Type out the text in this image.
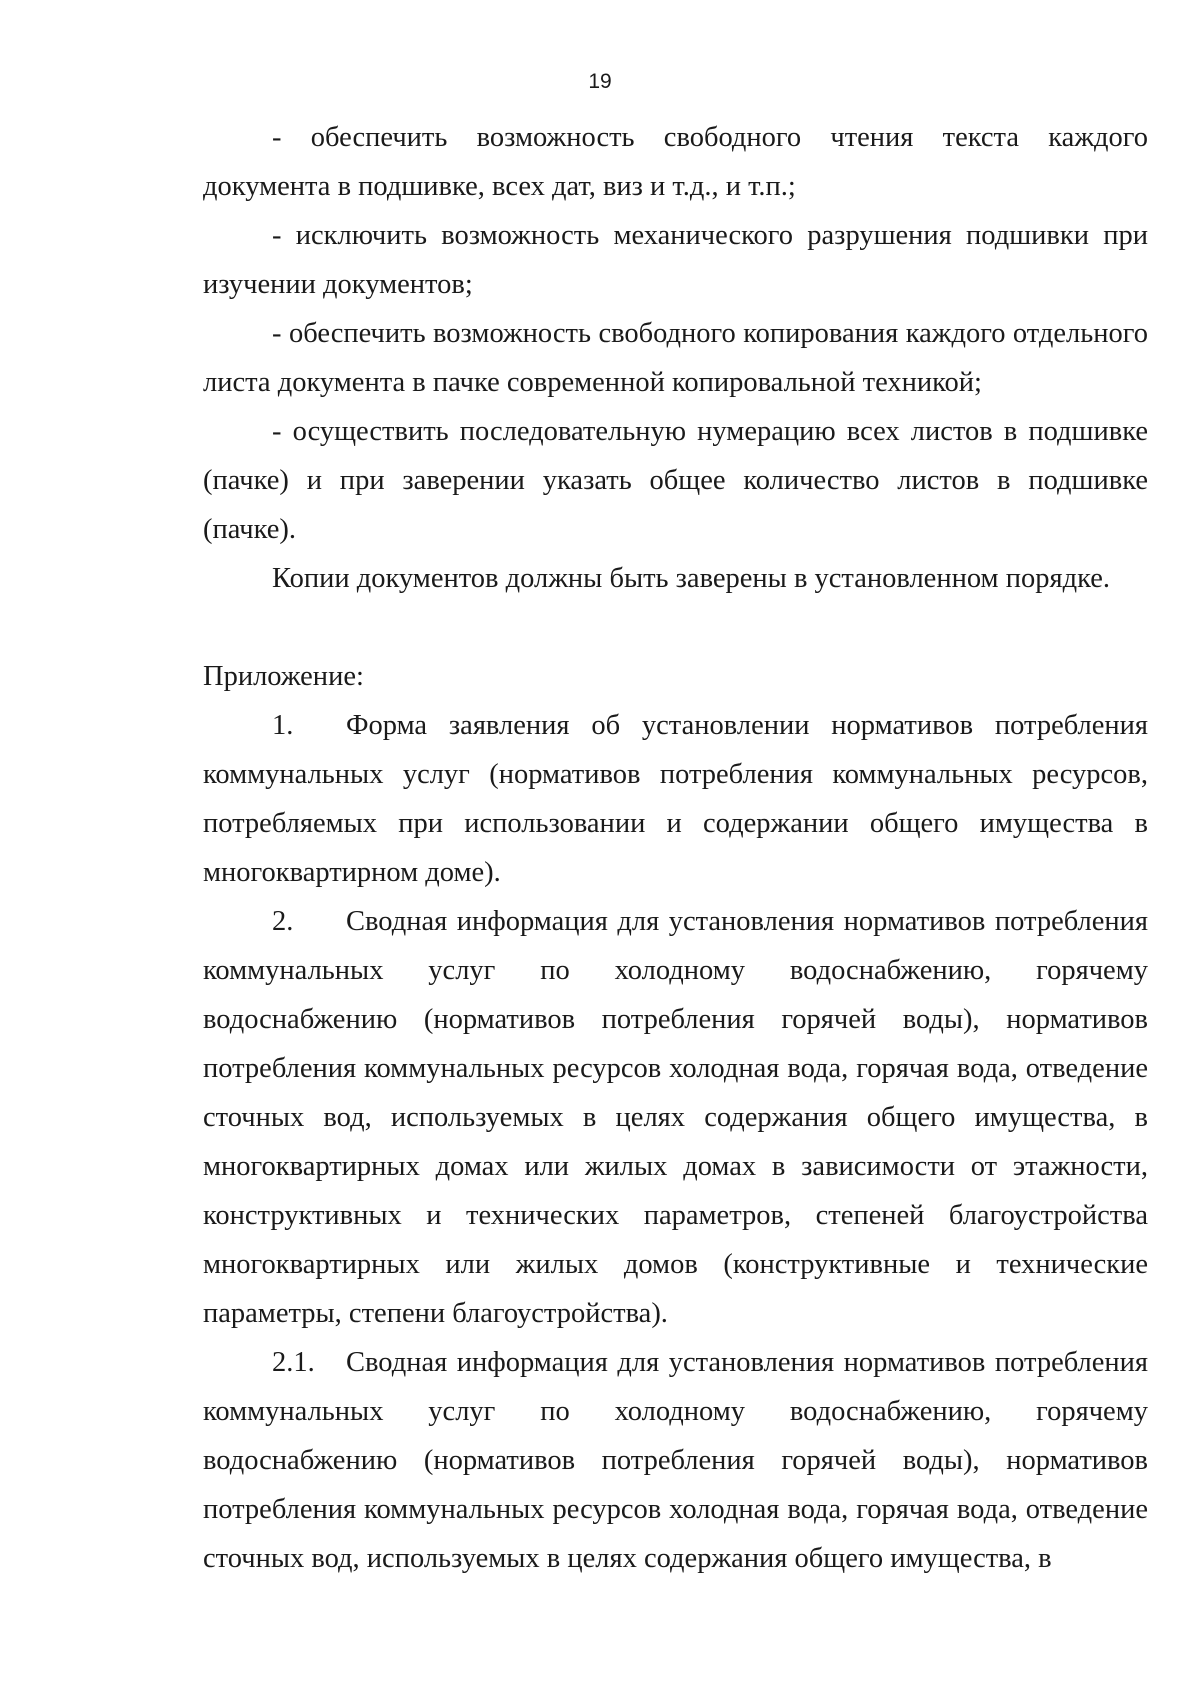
19

- обеспечить возможность свободного чтения текста каждого документа в подшивке, всех дат, виз и т.д., и т.п.;

- исключить возможность механического разрушения подшивки при изучении документов;

- обеспечить возможность свободного копирования каждого отдельного листа документа в пачке современной копировальной техникой;

- осуществить последовательную нумерацию всех листов в подшивке (пачке) и при заверении указать общее количество листов в подшивке (пачке).

Копии документов должны быть заверены в установленном порядке.

Приложение:

1. Форма заявления об установлении нормативов потребления коммунальных услуг (нормативов потребления коммунальных ресурсов, потребляемых при использовании и содержании общего имущества в многоквартирном доме).

2. Сводная информация для установления нормативов потребления коммунальных услуг по холодному водоснабжению, горячему водоснабжению (нормативов потребления горячей воды), нормативов потребления коммунальных ресурсов холодная вода, горячая вода, отведение сточных вод, используемых в целях содержания общего имущества, в многоквартирных домах или жилых домах в зависимости от этажности, конструктивных и технических параметров, степеней благоустройства многоквартирных или жилых домов (конструктивные и технические параметры, степени благоустройства).

2.1. Сводная информация для установления нормативов потребления коммунальных услуг по холодному водоснабжению, горячему водоснабжению (нормативов потребления горячей воды), нормативов потребления коммунальных ресурсов холодная вода, горячая вода, отведение сточных вод, используемых в целях содержания общего имущества, в
